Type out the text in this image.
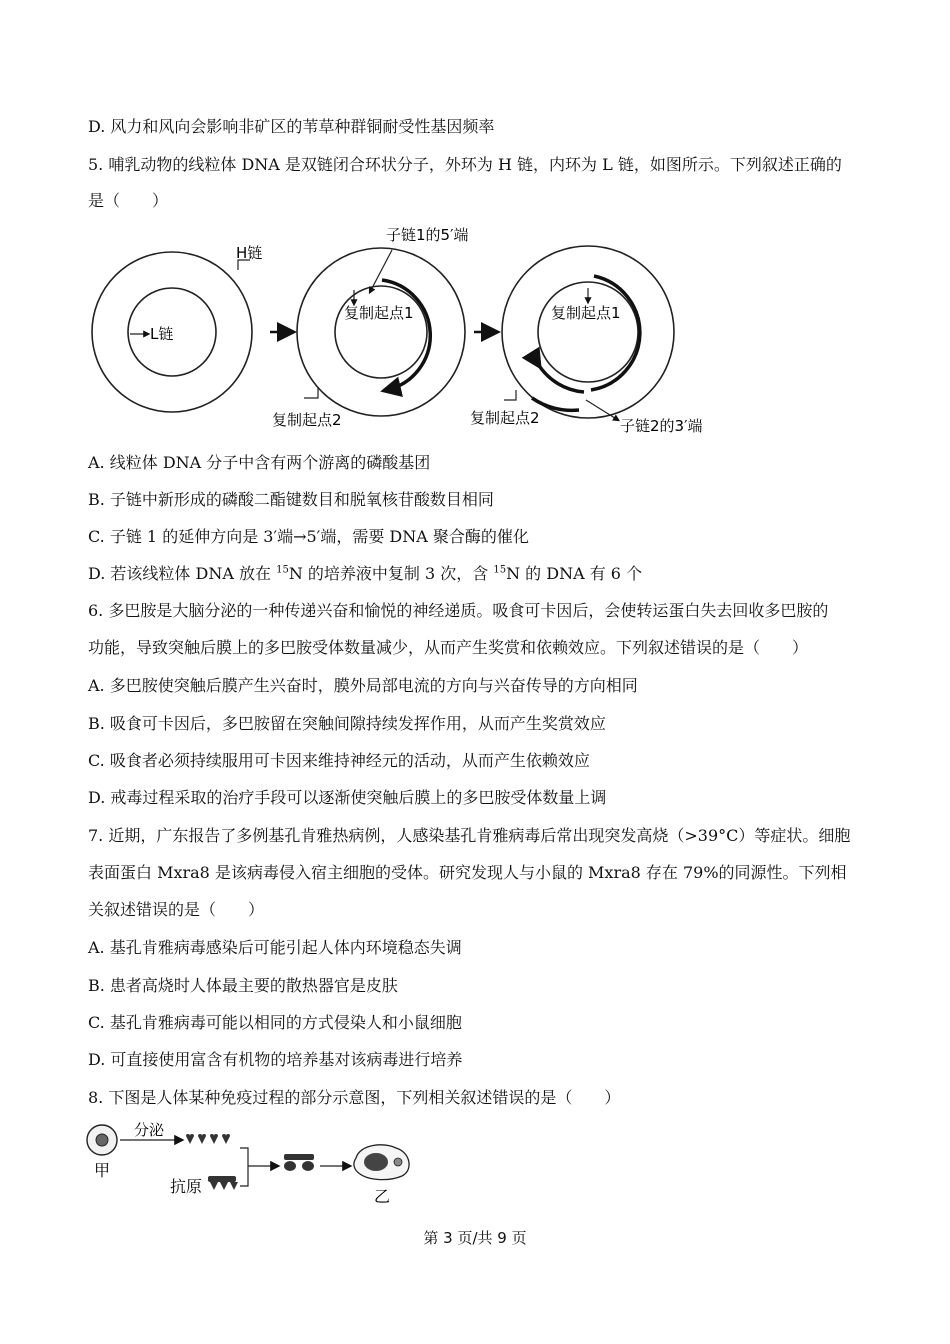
D. 风力和风向会影响非矿区的苇草种群铜耐受性基因频率
5. 哺乳动物的线粒体 DNA 是双链闭合环状分子，外环为 H 链，内环为 L 链，如图所示。下列叙述正确的
是（　　）
H链
L链
复制起点1
子链1的5′端
复制起点2
复制起点1
复制起点2	子链2的3′端
A. 线粒体 DNA 分子中含有两个游离的磷酸基团
B. 子链中新形成的磷酸二酯键数目和脱氧核苷酸数目相同
C. 子链 1 的延伸方向是 3′端→5′端，需要 DNA 聚合酶的催化
D. 若该线粒体 DNA 放在 $^{15}$N 的培养液中复制 3 次，含 $^{15}$N 的 DNA 有 6 个
6. 多巴胺是大脑分泌的一种传递兴奋和愉悦的神经递质。吸食可卡因后，会使转运蛋白失去回收多巴胺的
功能，导致突触后膜上的多巴胺受体数量减少，从而产生奖赏和依赖效应。下列叙述错误的是（　　）
A. 多巴胺使突触后膜产生兴奋时，膜外局部电流的方向与兴奋传导的方向相同
B. 吸食可卡因后，多巴胺留在突触间隙持续发挥作用，从而产生奖赏效应
C. 吸食者必须持续服用可卡因来维持神经元的活动，从而产生依赖效应
D. 戒毒过程采取的治疗手段可以逐渐使突触后膜上的多巴胺受体数量上调
7. 近期，广东报告了多例基孔肯雅热病例，人感染基孔肯雅病毒后常出现突发高烧（>39°C）等症状。细胞
表面蛋白 Mxra8 是该病毒侵入宿主细胞的受体。研究发现人与小鼠的 Mxra8 存在 79%的同源性。下列相
关叙述错误的是（　　）
A. 基孔肯雅病毒感染后可能引起人体内环境稳态失调
B. 患者高烧时人体最主要的散热器官是皮肤
C. 基孔肯雅病毒可能以相同的方式侵染人和小鼠细胞
D. 可直接使用富含有机物的培养基对该病毒进行培养
8. 下图是人体某种免疫过程的部分示意图，下列相关叙述错误的是（　　）
甲
分泌
抗原
乙
第 3 页/共 9 页
